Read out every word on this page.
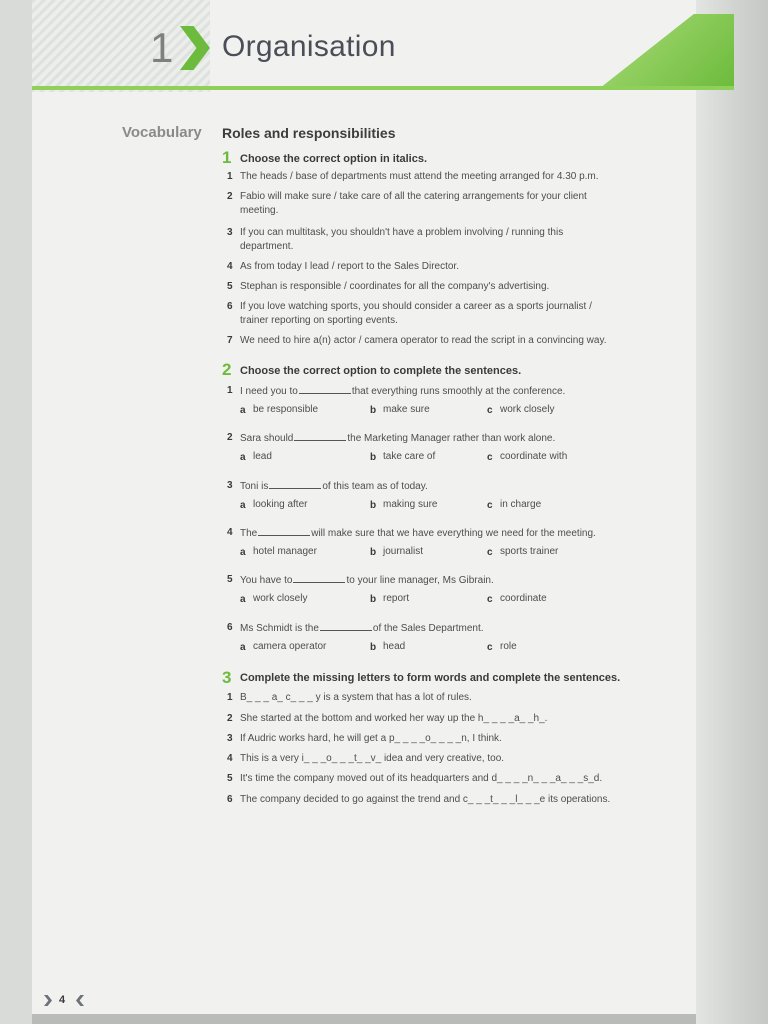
1 Organisation
Vocabulary Roles and responsibilities
1 Choose the correct option in italics.
2 Choose the correct option to complete the sentences.
3 Complete the missing letters to form words and complete the sentences.
4
1 The heads / base of departments must attend the meeting arranged for 4.30 p.m.
2 Fabio will make sure / take care of all the catering arrangements for your client
meeting.
3 If you can multitask, you shouldn't have a problem involving / running this
department.
4 As from today I lead / report to the Sales Director.
5 Stephan is responsible / coordinates for all the company's advertising.
6 If you love watching sports, you should consider a career as a sports journalist /
trainer reporting on sporting events.
7 We need to hire a(n) actor / camera operator to read the script in a convincing way.
1 I need you to	that everything runs smoothly at the conference.
a be responsible	b make sure	c work closely
2 Sara should	the Marketing Manager rather than work alone.
a lead	b take care of	c coordinate with
3 Toni is	of this team as of today.
a looking after	b making sure	c in charge
4 The	will make sure that we have everything we need for the meeting.
a hotel manager	b journalist	c sports trainer
5 You have to	to your line manager, Ms Gibrain.
a work closely	b report	c coordinate
6 Ms Schmidt is the	of the Sales Department.
a camera operator	b head	c role
1 B_ _ _ a_ c_ _ _ y is a system that has a lot of rules.
2 She started at the bottom and worked her way up the h_ _ _ _a_ _h_.
3 If Audric works hard, he will get a p_ _ _ _o_ _ _ _n, I think.
4 This is a very i_ _ _o_ _ _t_ _v_ idea and very creative, too.
5 It's time the company moved out of its headquarters and d_ _ _ _n_ _ _a_ _ _s_d.
6 The company decided to go against the trend and c_ _ _t_ _ _l_ _ _e its operations.
